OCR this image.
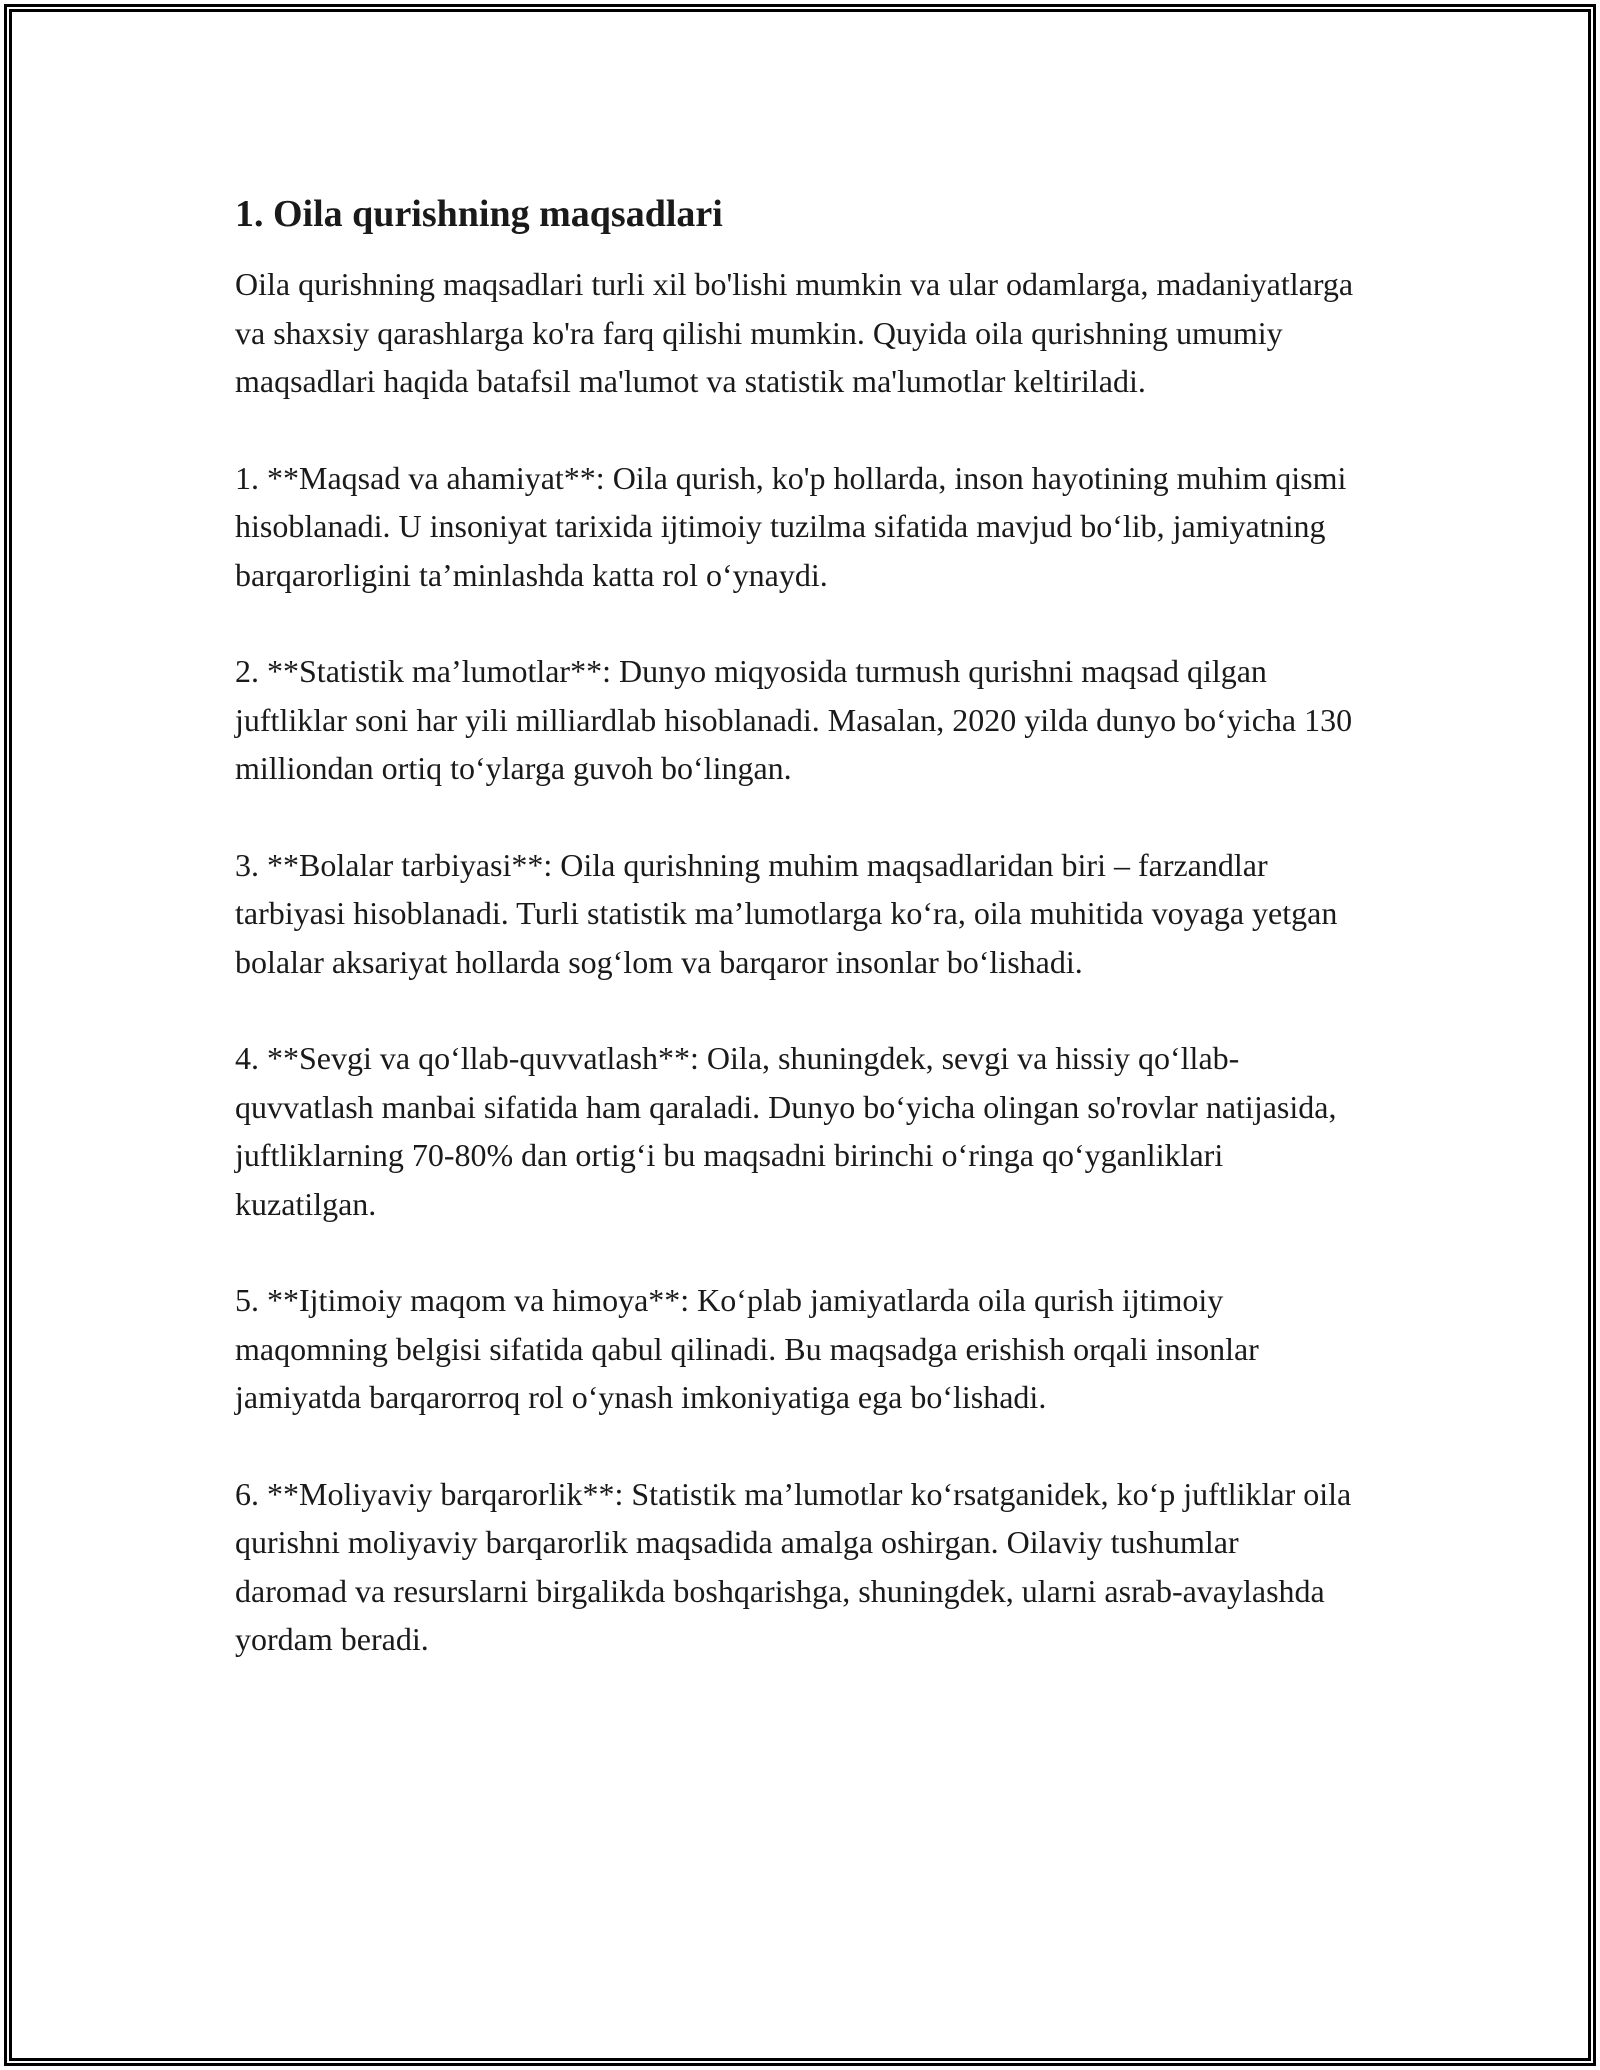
1. Oila qurishning maqsadlari

Oila qurishning maqsadlari turli xil bo'lishi mumkin va ular odamlarga, madaniyatlarga va shaxsiy qarashlarga ko'ra farq qilishi mumkin. Quyida oila qurishning umumiy maqsadlari haqida batafsil ma'lumot va statistik ma'lumotlar keltiriladi.

1. **Maqsad va ahamiyat**: Oila qurish, ko'p hollarda, inson hayotining muhim qismi hisoblanadi. U insoniyat tarixida ijtimoiy tuzilma sifatida mavjud bo‘lib, jamiyatning barqarorligini ta’minlashda katta rol o‘ynaydi.

2. **Statistik ma’lumotlar**: Dunyo miqyosida turmush qurishni maqsad qilgan juftliklar soni har yili milliardlab hisoblanadi. Masalan, 2020 yilda dunyo bo‘yicha 130 milliondan ortiq to‘ylarga guvoh bo‘lingan.

3. **Bolalar tarbiyasi**: Oila qurishning muhim maqsadlaridan biri – farzandlar tarbiyasi hisoblanadi. Turli statistik ma’lumotlarga ko‘ra, oila muhitida voyaga yetgan bolalar aksariyat hollarda sog‘lom va barqaror insonlar bo‘lishadi.

4. **Sevgi va qo‘llab-quvvatlash**: Oila, shuningdek, sevgi va hissiy qo‘llab-quvvatlash manbai sifatida ham qaraladi. Dunyo bo‘yicha olingan so'rovlar natijasida, juftliklarning 70-80% dan ortig‘i bu maqsadni birinchi o‘ringa qo‘yganliklari kuzatilgan.

5. **Ijtimoiy maqom va himoya**: Ko‘plab jamiyatlarda oila qurish ijtimoiy maqomning belgisi sifatida qabul qilinadi. Bu maqsadga erishish orqali insonlar jamiyatda barqarorroq rol o‘ynash imkoniyatiga ega bo‘lishadi.

6. **Moliyaviy barqarorlik**: Statistik ma’lumotlar ko‘rsatganidek, ko‘p juftliklar oila qurishni moliyaviy barqarorlik maqsadida amalga oshirgan. Oilaviy tushumlar daromad va resurslarni birgalikda boshqarishga, shuningdek, ularni asrab-avaylashda yordam beradi.
